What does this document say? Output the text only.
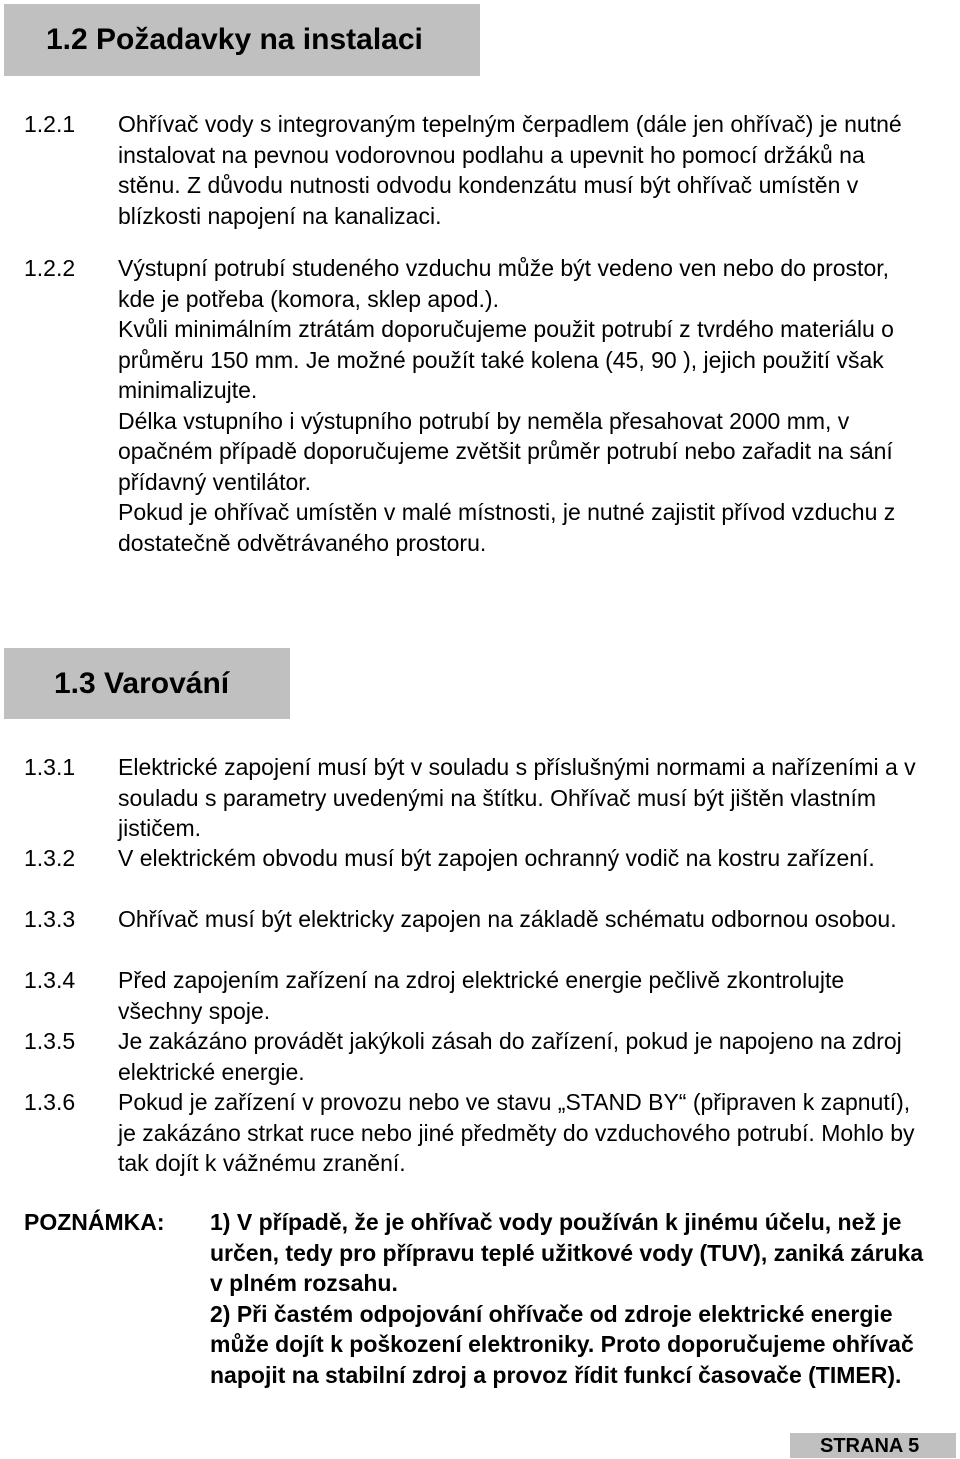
1.2 Požadavky na instalaci
1.2.1 Ohřívač vody s integrovaným tepelným čerpadlem (dále jen ohřívač) je nutné instalovat na pevnou vodorovnou podlahu a upevnit ho pomocí držáků na stěnu. Z důvodu nutnosti odvodu kondenzátu musí být ohřívač umístěn v blízkosti napojení na kanalizaci.

1.2.2 Výstupní potrubí studeného vzduchu může být vedeno ven nebo do prostor, kde je potřeba (komora, sklep apod.).

Kvůli minimálním ztrátám doporučujeme použit potrubí z tvrdého materiálu o průměru 150 mm. Je možné použít také kolena (45, 90 ), jejich použití však minimalizujte.

Délka vstupního i výstupního potrubí by neměla přesahovat 2000 mm, v opačném případě doporučujeme zvětšit průměr potrubí nebo zařadit na sání přídavný ventilátor.

Pokud je ohřívač umístěn v malé místnosti, je nutné zajistit přívod vzduchu z dostatečně odvětrávaného prostoru.

1.3 Varování
1.3.1 Elektrické zapojení musí být v souladu s příslušnými normami a nařízeními a v souladu s parametry uvedenými na štítku. Ohřívač musí být jištěn vlastním jističem.

1.3.2 V elektrickém obvodu musí být zapojen ochranný vodič na kostru zařízení.

1.3.3 Ohřívač musí být elektricky zapojen na základě schématu odbornou osobou.

1.3.4 Před zapojením zařízení na zdroj elektrické energie pečlivě zkontrolujte všechny spoje.

1.3.5 Je zakázáno provádět jakýkoli zásah do zařízení, pokud je napojeno na zdroj elektrické energie.

1.3.6 Pokud je zařízení v provozu nebo ve stavu „STAND BY“ (připraven k zapnutí), je zakázáno strkat ruce nebo jiné předměty do vzduchového potrubí. Mohlo by tak dojít k vážnému zranění.

POZNÁMKA: 1) V případě, že je ohřívač vody používán k jinému účelu, než je určen, tedy pro přípravu teplé užitkové vody (TUV), zaniká záruka v plném rozsahu.

2) Při častém odpojování ohřívače od zdroje elektrické energie může dojít k poškození elektroniky. Proto doporučujeme ohřívač napojit na stabilní zdroj a provoz řídit funkcí časovače (TIMER).

STRANA 5
